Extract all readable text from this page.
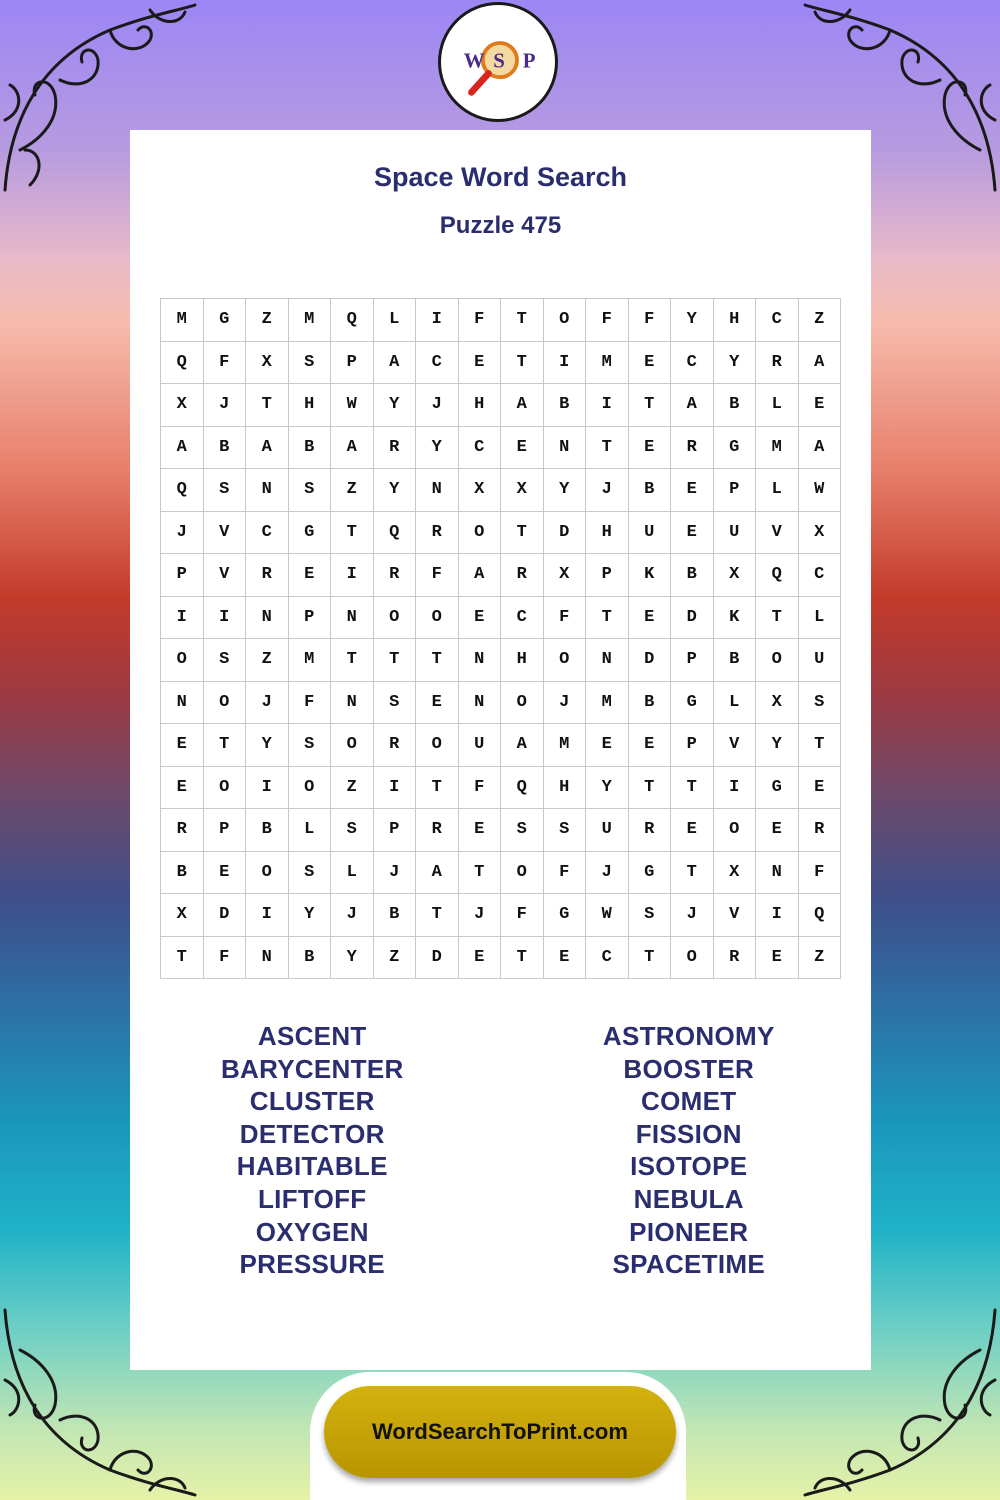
W S P
Space Word Search
Puzzle 475
M	G	Z	M	Q	L	I	F	T	O	F	F	Y	H	C	Z
Q	F	X	S	P	A	C	E	T	I	M	E	C	Y	R	A
X	J	T	H	W	Y	J	H	A	B	I	T	A	B	L	E
A	B	A	B	A	R	Y	C	E	N	T	E	R	G	M	A
Q	S	N	S	Z	Y	N	X	X	Y	J	B	E	P	L	W
J	V	C	G	T	Q	R	O	T	D	H	U	E	U	V	X
P	V	R	E	I	R	F	A	R	X	P	K	B	X	Q	C
I	I	N	P	N	O	O	E	C	F	T	E	D	K	T	L
O	S	Z	M	T	T	T	N	H	O	N	D	P	B	O	U
N	O	J	F	N	S	E	N	O	J	M	B	G	L	X	S
E	T	Y	S	O	R	O	U	A	M	E	E	P	V	Y	T
E	O	I	O	Z	I	T	F	Q	H	Y	T	T	I	G	E
R	P	B	L	S	P	R	E	S	S	U	R	E	O	E	R
B	E	O	S	L	J	A	T	O	F	J	G	T	X	N	F
X	D	I	Y	J	B	T	J	F	G	W	S	J	V	I	Q
T	F	N	B	Y	Z	D	E	T	E	C	T	O	R	E	Z
ASCENT
BARYCENTER
CLUSTER
DETECTOR
HABITABLE
LIFTOFF
OXYGEN
PRESSURE
ASTRONOMY
BOOSTER
COMET
FISSION
ISOTOPE
NEBULA
PIONEER
SPACETIME
WordSearchToPrint.com
